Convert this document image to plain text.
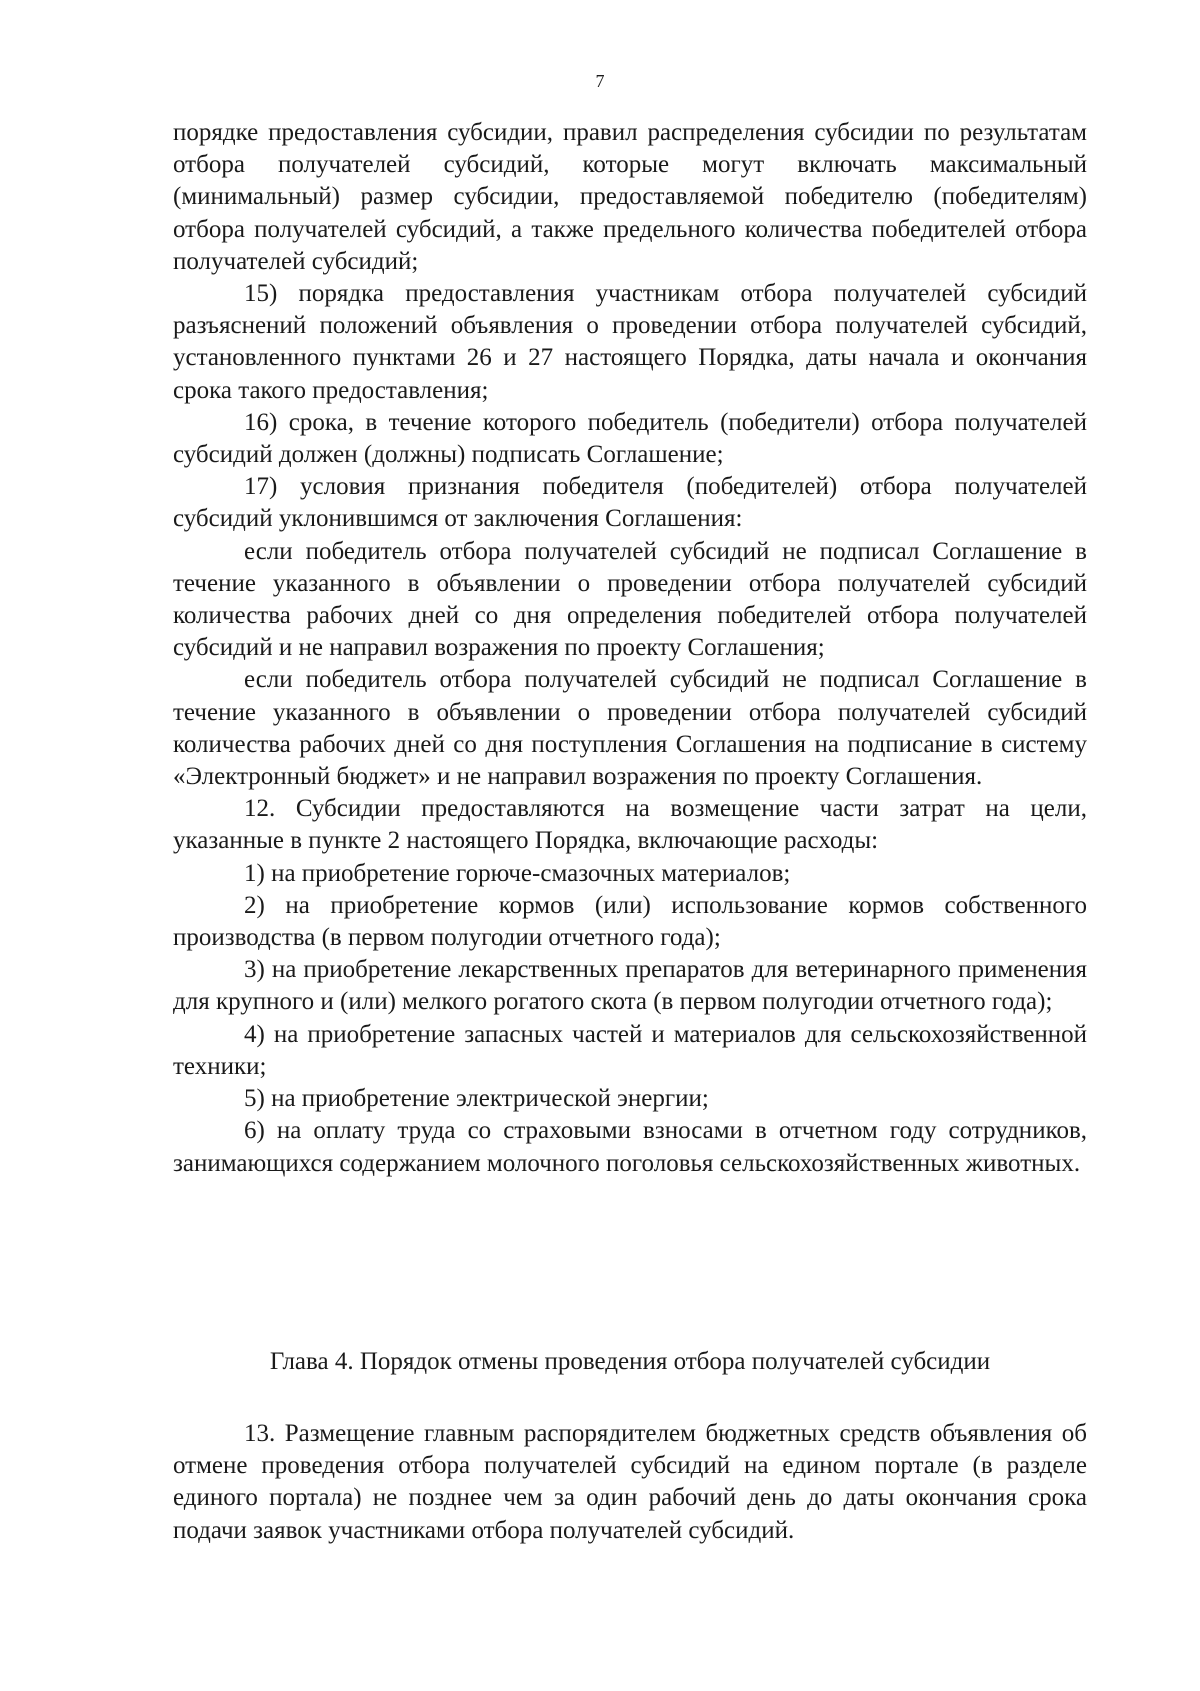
7

порядке предоставления субсидии, правил распределения субсидии по результатам отбора получателей субсидий, которые могут включать максимальный (минимальный) размер субсидии, предоставляемой победителю (победителям) отбора получателей субсидий, а также предельного количества победителей отбора получателей субсидий;

15) порядка предоставления участникам отбора получателей субсидий разъяснений положений объявления о проведении отбора получателей субсидий, установленного пунктами 26 и 27 настоящего Порядка, даты начала и окончания срока такого предоставления;

16) срока, в течение которого победитель (победители) отбора получателей субсидий должен (должны) подписать Соглашение;

17) условия признания победителя (победителей) отбора получателей субсидий уклонившимся от заключения Соглашения:

если победитель отбора получателей субсидий не подписал Соглашение в течение указанного в объявлении о проведении отбора получателей субсидий количества рабочих дней со дня определения победителей отбора получателей субсидий и не направил возражения по проекту Соглашения;

если победитель отбора получателей субсидий не подписал Соглашение в течение указанного в объявлении о проведении отбора получателей субсидий количества рабочих дней со дня поступления Соглашения на подписание в систему «Электронный бюджет» и не направил возражения по проекту Соглашения.

12. Субсидии предоставляются на возмещение части затрат на цели, указанные в пункте 2 настоящего Порядка, включающие расходы:

1) на приобретение горюче-смазочных материалов;

2) на приобретение кормов (или) использование кормов собственного производства (в первом полугодии отчетного года);

3) на приобретение лекарственных препаратов для ветеринарного применения для крупного и (или) мелкого рогатого скота (в первом полугодии отчетного года);

4) на приобретение запасных частей и материалов для сельскохозяйственной техники;

5) на приобретение электрической энергии;

6) на оплату труда со страховыми взносами в отчетном году сотрудников, занимающихся содержанием молочного поголовья сельскохозяйственных животных.

Глава 4. Порядок отмены проведения отбора получателей субсидии

13. Размещение главным распорядителем бюджетных средств объявления об отмене проведения отбора получателей субсидий на едином портале (в разделе единого портала) не позднее чем за один рабочий день до даты окончания срока подачи заявок участниками отбора получателей субсидий.
